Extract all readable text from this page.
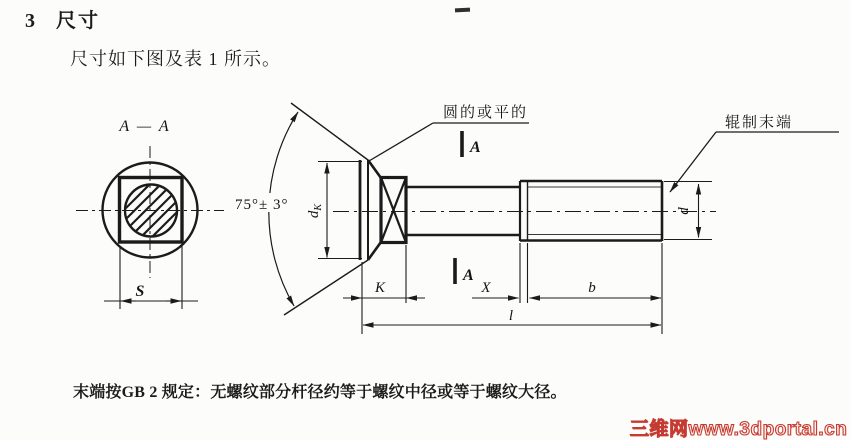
3 尺寸
尺寸如下图及表 1 所示。
A — A
S
75°± 3°
dK
A
A
圆的或平的
辊制末端
d
K	X	b
l
末端按GB 2 规定：无螺纹部分杆径约等于螺纹中径或等于螺纹大径。
三维网www.3dportal.cn
